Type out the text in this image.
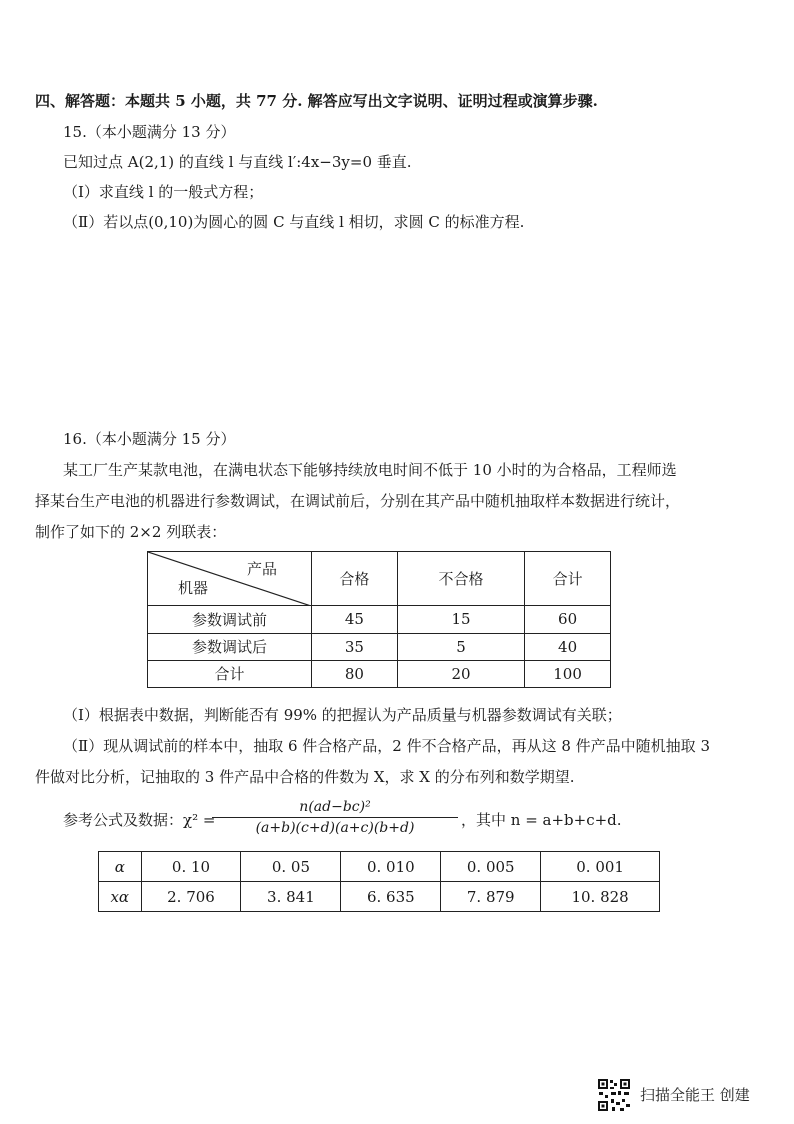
四、解答题：本题共 5 小题，共 77 分. 解答应写出文字说明、证明过程或演算步骤.
15.（本小题满分 13 分）
已知过点 A(2,1) 的直线 l 与直线 l′:4x−3y=0 垂直.
（Ⅰ）求直线 l 的一般式方程；
（Ⅱ）若以点(0,10)为圆心的圆 C 与直线 l 相切，求圆 C 的标准方程.
16.（本小题满分 15 分）
某工厂生产某款电池，在满电状态下能够持续放电时间不低于 10 小时的为合格品，工程师选
择某台生产电池的机器进行参数调试，在调试前后，分别在其产品中随机抽取样本数据进行统计，
制作了如下的 2×2 列联表：
产品
机器	合格	不合格	合计
参数调试前	45	15	60
参数调试后	35	5	40
合计	80	20	100
（Ⅰ）根据表中数据，判断能否有 99% 的把握认为产品质量与机器参数调试有关联；
（Ⅱ）现从调试前的样本中，抽取 6 件合格产品，2 件不合格产品，再从这 8 件产品中随机抽取 3
件做对比分析，记抽取的 3 件产品中合格的件数为 X，求 X 的分布列和数学期望.
参考公式及数据：χ² =
n(ad−bc)²
(a+b)(c+d)(a+c)(b+d)	，其中 n = a+b+c+d.
α	0. 10	0. 05	0. 010	0. 005	0. 001
xα	2. 706	3. 841	6. 635	7. 879	10. 828
扫描全能王 创建
